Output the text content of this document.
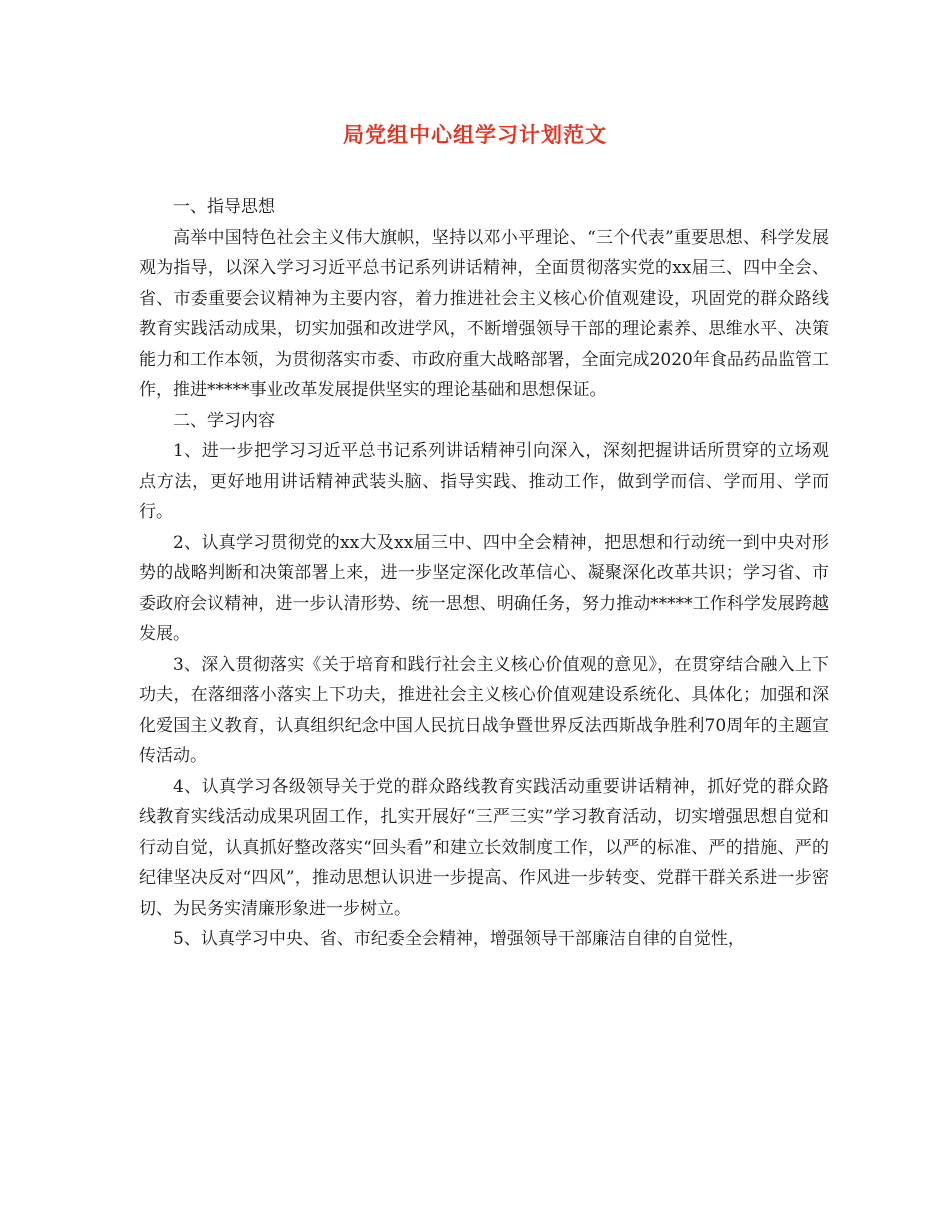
局党组中心组学习计划范文

一、指导思想

高举中国特色社会主义伟大旗帜，坚持以邓小平理论、“三个代表”重要思想、科学发展观为指导，以深入学习习近平总书记系列讲话精神，全面贯彻落实党的xx届三、四中全会、省、市委重要会议精神为主要内容，着力推进社会主义核心价值观建设，巩固党的群众路线教育实践活动成果，切实加强和改进学风，不断增强领导干部的理论素养、思维水平、决策能力和工作本领，为贯彻落实市委、市政府重大战略部署，全面完成2020年食品药品监管工作，推进*****事业改革发展提供坚实的理论基础和思想保证。

二、学习内容

1、进一步把学习习近平总书记系列讲话精神引向深入，深刻把握讲话所贯穿的立场观点方法，更好地用讲话精神武装头脑、指导实践、推动工作，做到学而信、学而用、学而行。

2、认真学习贯彻党的xx大及xx届三中、四中全会精神，把思想和行动统一到中央对形势的战略判断和决策部署上来，进一步坚定深化改革信心、凝聚深化改革共识；学习省、市委政府会议精神，进一步认清形势、统一思想、明确任务，努力推动*****工作科学发展跨越发展。

3、深入贯彻落实《关于培育和践行社会主义核心价值观的意见》，在贯穿结合融入上下功夫，在落细落小落实上下功夫，推进社会主义核心价值观建设系统化、具体化；加强和深化爱国主义教育，认真组织纪念中国人民抗日战争暨世界反法西斯战争胜利70周年的主题宣传活动。

4、认真学习各级领导关于党的群众路线教育实践活动重要讲话精神，抓好党的群众路线教育实线活动成果巩固工作，扎实开展好“三严三实”学习教育活动，切实增强思想自觉和行动自觉，认真抓好整改落实“回头看”和建立长效制度工作，以严的标准、严的措施、严的纪律坚决反对“四风”，推动思想认识进一步提高、作风进一步转变、党群干群关系进一步密切、为民务实清廉形象进一步树立。

5、认真学习中央、省、市纪委全会精神，增强领导干部廉洁自律的自觉性，
